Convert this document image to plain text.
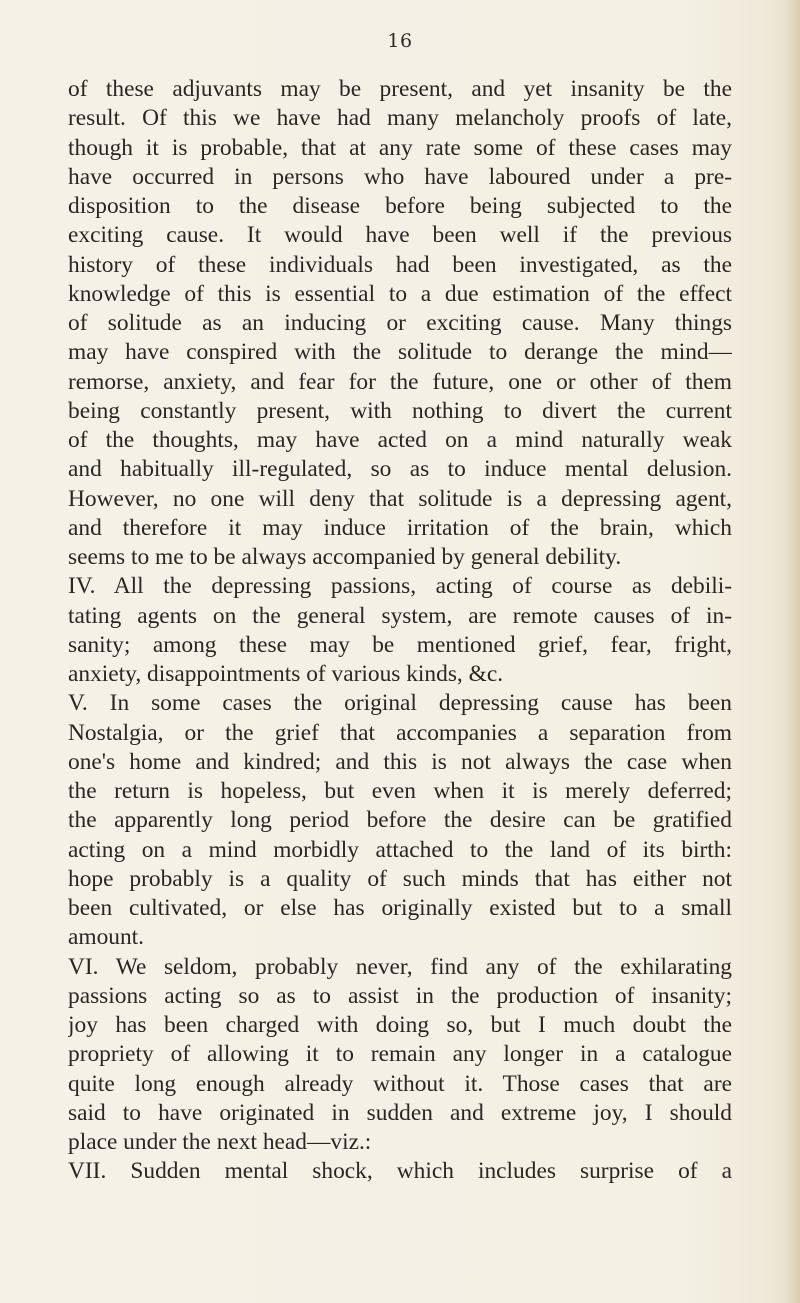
16
of these adjuvants may be present, and yet insanity be the
result. Of this we have had many melancholy proofs of late,
though it is probable, that at any rate some of these cases may
have occurred in persons who have laboured under a pre-
disposition to the disease before being subjected to the
exciting cause. It would have been well if the previous
history of these individuals had been investigated, as the
knowledge of this is essential to a due estimation of the effect
of solitude as an inducing or exciting cause. Many things
may have conspired with the solitude to derange the mind—
remorse, anxiety, and fear for the future, one or other of them
being constantly present, with nothing to divert the current
of the thoughts, may have acted on a mind naturally weak
and habitually ill-regulated, so as to induce mental delusion.
However, no one will deny that solitude is a depressing agent,
and therefore it may induce irritation of the brain, which
seems to me to be always accompanied by general debility.
IV. All the depressing passions, acting of course as debili-
tating agents on the general system, are remote causes of in-
sanity; among these may be mentioned grief, fear, fright,
anxiety, disappointments of various kinds, &c.
V. In some cases the original depressing cause has been
Nostalgia, or the grief that accompanies a separation from
one's home and kindred; and this is not always the case when
the return is hopeless, but even when it is merely deferred;
the apparently long period before the desire can be gratified
acting on a mind morbidly attached to the land of its birth:
hope probably is a quality of such minds that has either not
been cultivated, or else has originally existed but to a small
amount.
VI. We seldom, probably never, find any of the exhilarating
passions acting so as to assist in the production of insanity;
joy has been charged with doing so, but I much doubt the
propriety of allowing it to remain any longer in a catalogue
quite long enough already without it. Those cases that are
said to have originated in sudden and extreme joy, I should
place under the next head—viz.:
VII. Sudden mental shock, which includes surprise of a
